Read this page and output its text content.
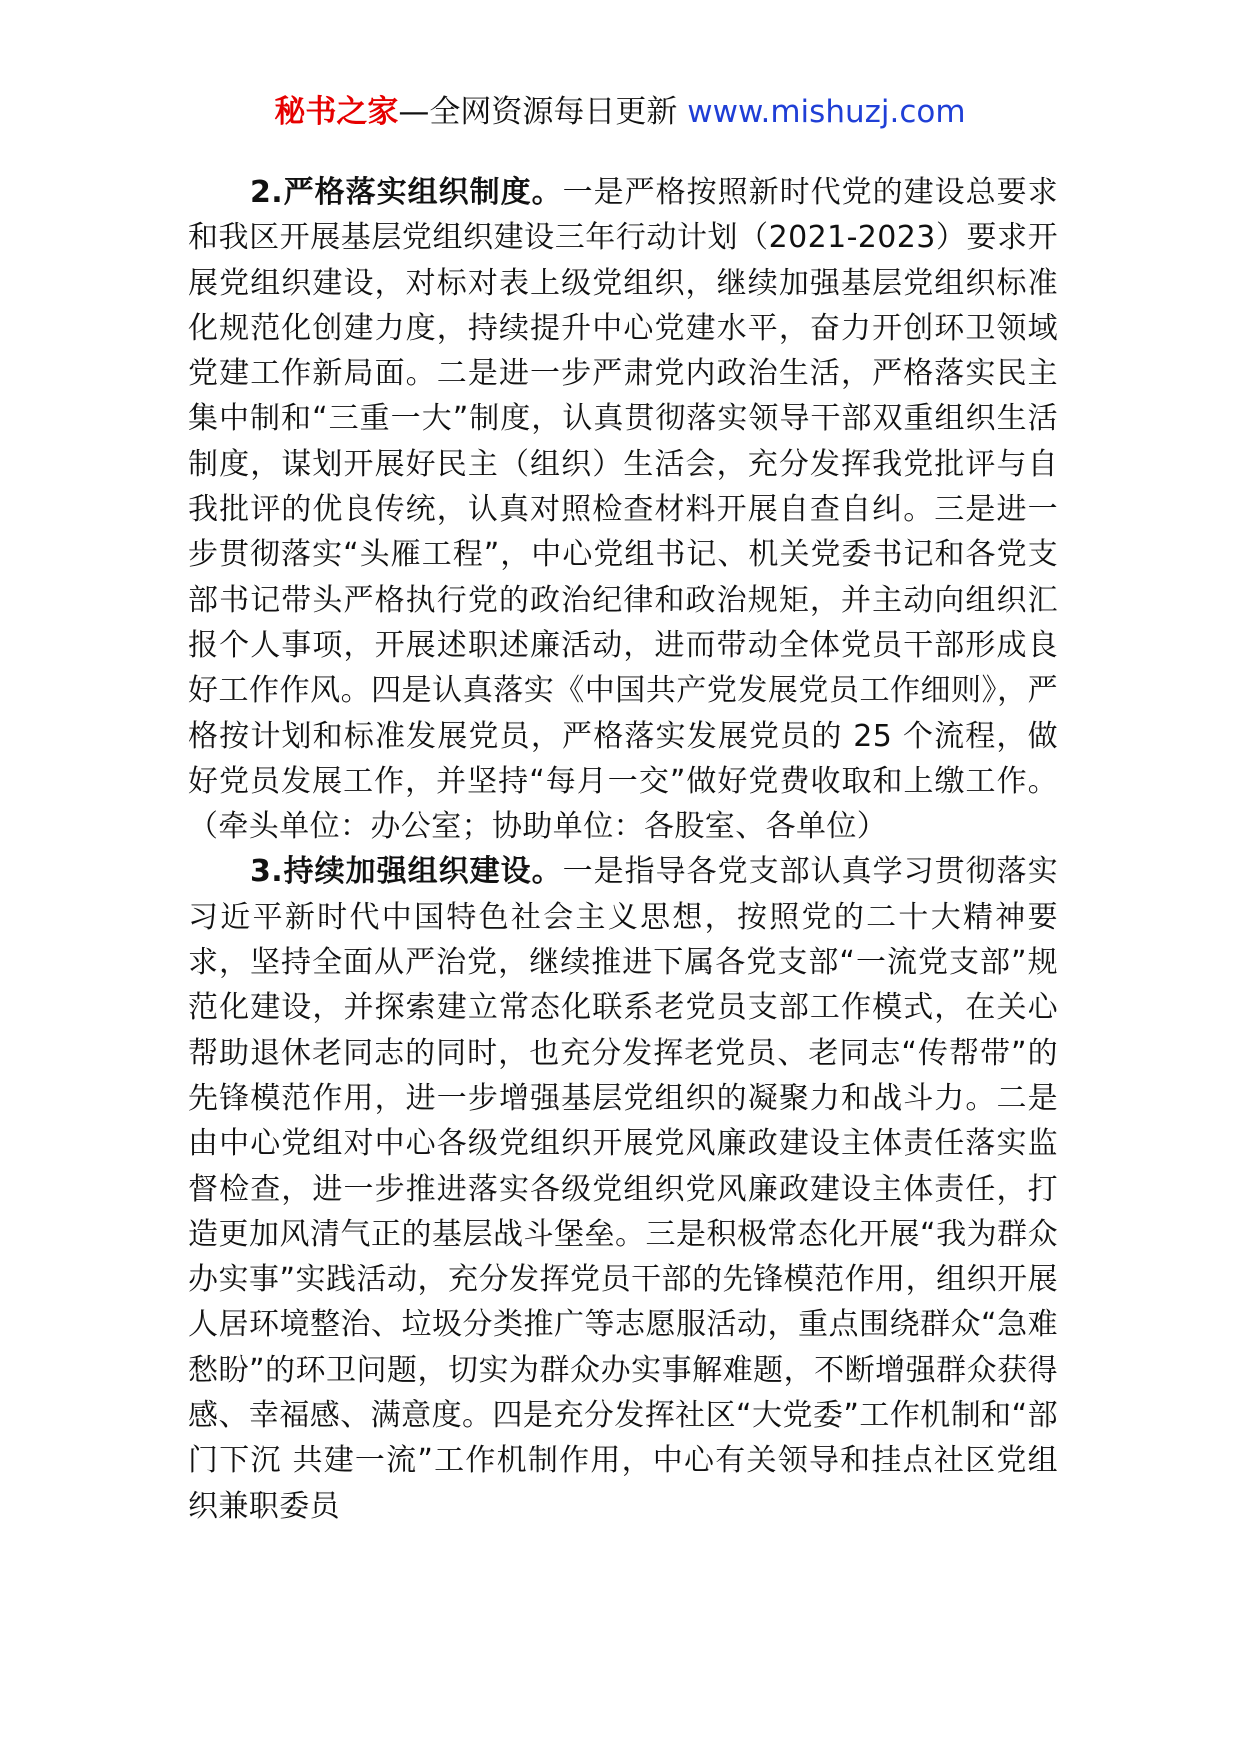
秘书之家—全网资源每日更新 www.mishuzj.com

2.严格落实组织制度。一是严格按照新时代党的建设总要求和我区开展基层党组织建设三年行动计划（2021-2023）要求开展党组织建设，对标对表上级党组织，继续加强基层党组织标准化规范化创建力度，持续提升中心党建水平，奋力开创环卫领域党建工作新局面。二是进一步严肃党内政治生活，严格落实民主集中制和“三重一大”制度，认真贯彻落实领导干部双重组织生活制度，谋划开展好民主（组织）生活会，充分发挥我党批评与自我批评的优良传统，认真对照检查材料开展自查自纠。三是进一步贯彻落实“头雁工程”，中心党组书记、机关党委书记和各党支部书记带头严格执行党的政治纪律和政治规矩，并主动向组织汇报个人事项，开展述职述廉活动，进而带动全体党员干部形成良好工作作风。四是认真落实《中国共产党发展党员工作细则》，严格按计划和标准发展党员，严格落实发展党员的 25 个流程，做好党员发展工作，并坚持“每月一交”做好党费收取和上缴工作。（牵头单位：办公室；协助单位：各股室、各单位）

3.持续加强组织建设。一是指导各党支部认真学习贯彻落实习近平新时代中国特色社会主义思想，按照党的二十大精神要求，坚持全面从严治党，继续推进下属各党支部“一流党支部”规范化建设，并探索建立常态化联系老党员支部工作模式，在关心帮助退休老同志的同时，也充分发挥老党员、老同志“传帮带”的先锋模范作用，进一步增强基层党组织的凝聚力和战斗力。二是由中心党组对中心各级党组织开展党风廉政建设主体责任落实监督检查，进一步推进落实各级党组织党风廉政建设主体责任，打造更加风清气正的基层战斗堡垒。三是积极常态化开展“我为群众办实事”实践活动，充分发挥党员干部的先锋模范作用，组织开展人居环境整治、垃圾分类推广等志愿服活动，重点围绕群众“急难愁盼”的环卫问题，切实为群众办实事解难题，不断增强群众获得感、幸福感、满意度。四是充分发挥社区“大党委”工作机制和“部门下沉 共建一流”工作机制作用，中心有关领导和挂点社区党组织兼职委员
